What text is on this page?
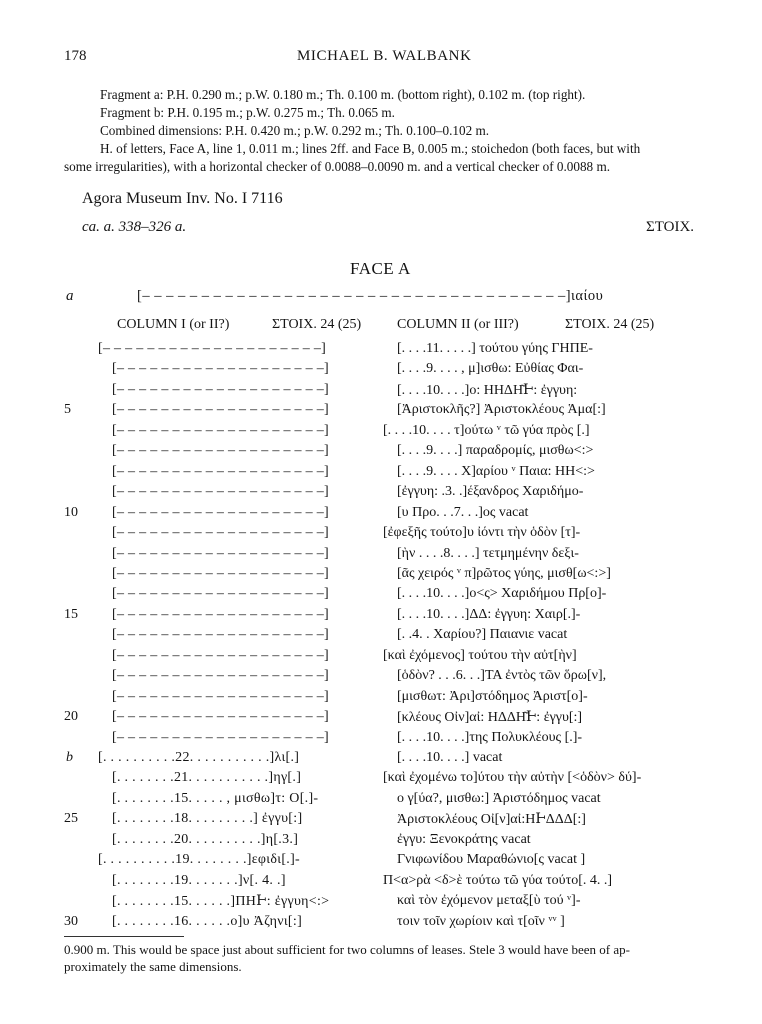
178	MICHAEL B. WALBANK
Fragment a: P.H. 0.290 m.; p.W. 0.180 m.; Th. 0.100 m. (bottom right), 0.102 m. (top right).
Fragment b: P.H. 0.195 m.; p.W. 0.275 m.; Th. 0.065 m.
Combined dimensions: P.H. 0.420 m.; p.W. 0.292 m.; Th. 0.100–0.102 m.
H. of letters, Face A, line 1, 0.011 m.; lines 2ff. and Face B, 0.005 m.; stoichedon (both faces, but with
some irregularities), with a horizontal checker of 0.0088–0.0090 m. and a vertical checker of 0.0088 m.
Agora Museum Inv. No. I 7116
ca. a. 338–326 a.	ΣΤΟΙΧ.
FACE A
a	[– – – – – – – – – – – – – – – – – – – – – – – – – – – – – – – – – – – –]ιαίου
COLUMN I (or II?)	ΣΤΟΙΧ. 24 (25)	COLUMN II (or III?)	ΣΤΟΙΧ. 24 (25)
[– – – – – – – – – – – – – – – – – – – –]	[. . . .11. . . . .] τούτου γύης ΓΗΠΕ-
[– – – – – – – – – – – – – – – – – – –]	[. . . .9. . . . , μ]ισθω: Εὐθίας Φαι-
[– – – – – – – – – – – – – – – – – – –]	[. . . .10. . . .]ο: ΗΗΔΗ͂Ͱ: ἐγγυη:
5	[– – – – – – – – – – – – – – – – – – –]	[Ἀριστοκλῆς?] Ἀριστοκλέους Ἁμα[:]
[– – – – – – – – – – – – – – – – – – –]	[. . . .10. . . . τ]ούτω ᵛ τῶ γύα πρὸς [.]
[– – – – – – – – – – – – – – – – – – –]	[. . . .9. . . .] παραδρομίς, μισθω<:>
[– – – – – – – – – – – – – – – – – – –]	[. . . .9. . . . Χ]αρίου ᵛ Παια: ΗΗ<:>
[– – – – – – – – – – – – – – – – – – –]	[ἐγγυη: .3. .]έξανδρος Χαριδήμο-
10 [– – – – – – – – – – – – – – – – – – –]	[υ Προ. . .7. . .]ος vacat
[– – – – – – – – – – – – – – – – – – –]	[ἐφεξῆς τούτο]υ ἰόντι τὴν ὁδὸν [τ]-
[– – – – – – – – – – – – – – – – – – –]	[ὴν . . . .8. . . .] τετμημένην δεξι-
[– – – – – – – – – – – – – – – – – – –]	[ᾶς χειρός ᵛ π]ρῶτος γύης, μισθ[ω<:>]
[– – – – – – – – – – – – – – – – – – –]	[. . . .10. . . .]ο<ς> Χαριδήμου Πρ[ο]-
15 [– – – – – – – – – – – – – – – – – – –]	[. . . .10. . . .]ΔΔ: ἐγγυη: Χαιρ[.]-
[– – – – – – – – – – – – – – – – – – –]	[. .4. . Χαρίου?] Παιανιε vacat
[– – – – – – – – – – – – – – – – – – –]	[καὶ ἐχόμενος] τούτου τὴν αὐτ[ὴν]
[– – – – – – – – – – – – – – – – – – –]	[ὁδὸν? . . .6. . .]ΤΑ ἐντὸς τῶν ὅρω[ν],
[– – – – – – – – – – – – – – – – – – –]	[μισθωτ: Ἀρι]στόδημος Ἀριστ[ο]-
20 [– – – – – – – – – – – – – – – – – – –]	[κλέους Οἰν]αἰ: ΗΔΔΗ͂Ͱ: ἐγγυ[:]
[– – – – – – – – – – – – – – – – – – –]	[. . . .10. . . .]της Πολυκλέους [.]-
b [. . . . . . . . . .22. . . . . . . . . . .]λι[.]	[. . . .10. . . .] vacat
[. . . . . . . .21. . . . . . . . . . .]ηγ[.]	[καὶ ἐχομένω το]ύτου τὴν αὐτὴν [<ὁδὸν> δύ]-
[. . . . . . . .15. . . . . , μισθω]τ: Ο[.]-	ο γ[ύα?, μισθω:] Ἀριστόδημος vacat
25 [. . . . . . . .18. . . . . . . . .] ἐγγυ[:]	Ἀριστοκλέους Οἰ[ν]αἰ:ΗͰΔΔΔ[:]
[. . . . . . . .20. . . . . . . . . .]η[.3.]	ἐγγυ: Ξενοκράτης vacat
[. . . . . . . . . .19. . . . . . . .]εφιδι[.]-	Γνιφωνίδου Μαραθώνιο[ς vacat ]
[. . . . . . . .19. . . . . . .]ν[. 4. .]	Π<α>ρὰ <δ>ὲ τούτω τῶ γύα τούτο[. 4. .]
[. . . . . . . .15. . . . . .]ΠΗͰ: ἐγγυη<:>	καὶ τὸν ἐχόμενον μεταξ[ὺ τού ᵛ]-
30 [. . . . . . . .16. . . . . .ο]υ Ἀζηνι[:]	τοιν τοῖν χωρίοιν καὶ τ[οῖν ᵛᵛ ]
0.900 m. This would be space just about sufficient for two columns of leases. Stele 3 would have been of ap-
proximately the same dimensions.
